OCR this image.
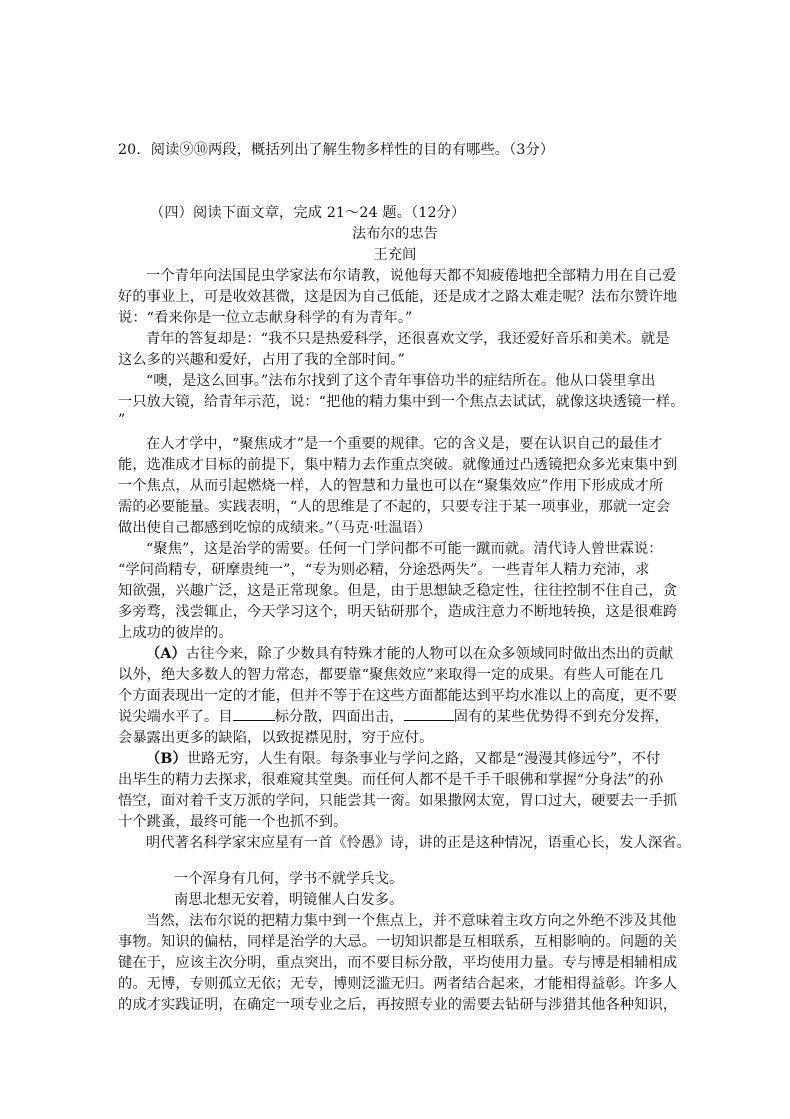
20．阅读⑨⑩两段，概括列出了解生物多样性的目的有哪些。（3分）
（四）阅读下面文章，完成 21～24 题。（12分）
法布尔的忠告
王充闾
一个青年向法国昆虫学家法布尔请教，说他每天都不知疲倦地把全部精力用在自己爱
好的事业上，可是收效甚微，这是因为自己低能，还是成才之路太难走呢？法布尔赞许地
说：“看来你是一位立志献身科学的有为青年。”
青年的答复却是：“我不只是热爱科学，还很喜欢文学，我还爱好音乐和美术。就是
这么多的兴趣和爱好，占用了我的全部时间。”
“噢，是这么回事。”法布尔找到了这个青年事倍功半的症结所在。他从口袋里拿出
一只放大镜，给青年示范，说：“把他的精力集中到一个焦点去试试，就像这块透镜一样。
”
在人才学中，“聚焦成才”是一个重要的规律。它的含义是，要在认识自己的最佳才
能，选准成才目标的前提下，集中精力去作重点突破。就像通过凸透镜把众多光束集中到
一个焦点，从而引起燃烧一样，人的智慧和力量也可以在“聚集效应”作用下形成成才所
需的必要能量。实践表明，“人的思维是了不起的，只要专注于某一项事业，那就一定会
做出使自己都感到吃惊的成绩来。”（马克·吐温语）
“聚焦”，这是治学的需要。任何一门学问都不可能一蹴而就。清代诗人曾世霖说：
“学问尚精专，研摩贵纯一”，“专为则必精，分途恐两失”。一些青年人精力充沛，求
知欲强，兴趣广泛，这是正常现象。但是，由于思想缺乏稳定性，往往控制不住自己，贪
多旁骛，浅尝辄止，今天学习这个，明天钻研那个，造成注意力不断地转换，这是很难跨
上成功的彼岸的。
（A）古往今来，除了少数具有特殊才能的人物可以在众多领域同时做出杰出的贡献
以外，绝大多数人的智力常态，都要靠“聚焦效应”来取得一定的成果。有些人可能在几
个方面表现出一定的才能，但并不等于在这些方面都能达到平均水准以上的高度，更不要
说尖端水平了。目	标分散，四面出击，	固有的某些优势得不到充分发挥，
会暴露出更多的缺陷，以致捉襟见肘，穷于应付。
（B）世路无穷，人生有限。每条事业与学问之路，又都是“漫漫其修远兮”，不付
出毕生的精力去探求，很难窥其堂奥。而任何人都不是千手千眼佛和掌握“分身法”的孙
悟空，面对着千支万派的学问，只能尝其一脔。如果撒网太宽，胃口过大，硬要去一手抓
十个跳蚤，最终可能一个也抓不到。
明代著名科学家宋应星有一首《怜愚》诗，讲的正是这种情况，语重心长，发人深省。
一个浑身有几何，学书不就学兵戈。
南思北想无安着，明镜催人白发多。
当然，法布尔说的把精力集中到一个焦点上，并不意味着主攻方向之外绝不涉及其他
事物。知识的偏枯，同样是治学的大忌。一切知识都是互相联系，互相影响的。问题的关
键在于，应该主次分明，重点突出，而不要目标分散，平均使用力量。专与博是相辅相成
的。无博，专则孤立无依；无专，博则泛滥无归。两者结合起来，才能相得益彰。许多人
的成才实践证明，在确定一项专业之后，再按照专业的需要去钻研与涉猎其他各种知识，
